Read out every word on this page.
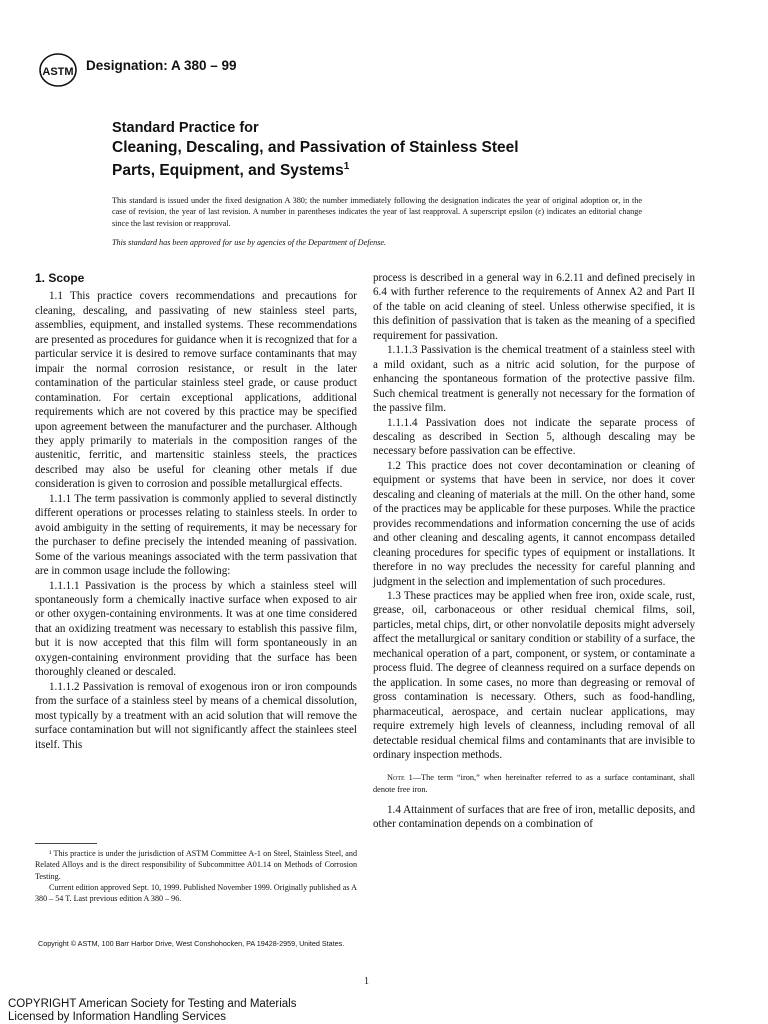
ASTM Designation: A 380 – 99
Standard Practice for
Cleaning, Descaling, and Passivation of Stainless Steel
Parts, Equipment, and Systems$^1$
This standard is issued under the fixed designation A 380; the number immediately following the designation indicates the year of original adoption or, in the case of revision, the year of last revision. A number in parentheses indicates the year of last reapproval. A superscript epsilon (ε) indicates an editorial change since the last revision or reapproval.
This standard has been approved for use by agencies of the Department of Defense.
1. Scope

1.1 This practice covers recommendations and precautions for cleaning, descaling, and passivating of new stainless steel parts, assemblies, equipment, and installed systems. These recommendations are presented as procedures for guidance when it is recognized that for a particular service it is desired to remove surface contaminants that may impair the normal corrosion resistance, or result in the later contamination of the particular stainless steel grade, or cause product contamination. For certain exceptional applications, additional requirements which are not covered by this practice may be specified upon agreement between the manufacturer and the purchaser. Although they apply primarily to materials in the composition ranges of the austenitic, ferritic, and martensitic stainless steels, the practices described may also be useful for cleaning other metals if due consideration is given to corrosion and possible metallurgical effects.

1.1.1 The term passivation is commonly applied to several distinctly different operations or processes relating to stainless steels. In order to avoid ambiguity in the setting of requirements, it may be necessary for the purchaser to define precisely the intended meaning of passivation. Some of the various meanings associated with the term passivation that are in common usage include the following:

1.1.1.1 Passivation is the process by which a stainless steel will spontaneously form a chemically inactive surface when exposed to air or other oxygen-containing environments. It was at one time considered that an oxidizing treatment was necessary to establish this passive film, but it is now accepted that this film will form spontaneously in an oxygen-containing environment providing that the surface has been thoroughly cleaned or descaled.

1.1.1.2 Passivation is removal of exogenous iron or iron compounds from the surface of a stainless steel by means of a chemical dissolution, most typically by a treatment with an acid solution that will remove the surface contamination but will not significantly affect the stainlees steel itself. This

¹ This practice is under the jurisdiction of ASTM Committee A-1 on Steel, Stainless Steel, and Related Alloys and is the direct responsibility of Subcommittee A01.14 on Methods of Corrosion Testing.

Current edition approved Sept. 10, 1999. Published November 1999. Originally published as A 380 – 54 T. Last previous edition A 380 – 96.

process is described in a general way in 6.2.11 and defined precisely in 6.4 with further reference to the requirements of Annex A2 and Part II of the table on acid cleaning of steel. Unless otherwise specified, it is this definition of passivation that is taken as the meaning of a specified requirement for passivation.

1.1.1.3 Passivation is the chemical treatment of a stainless steel with a mild oxidant, such as a nitric acid solution, for the purpose of enhancing the spontaneous formation of the protective passive film. Such chemical treatment is generally not necessary for the formation of the passive film.

1.1.1.4 Passivation does not indicate the separate process of descaling as described in Section 5, although descaling may be necessary before passivation can be effective.

1.2 This practice does not cover decontamination or cleaning of equipment or systems that have been in service, nor does it cover descaling and cleaning of materials at the mill. On the other hand, some of the practices may be applicable for these purposes. While the practice provides recommendations and information concerning the use of acids and other cleaning and descaling agents, it cannot encompass detailed cleaning procedures for specific types of equipment or installations. It therefore in no way precludes the necessity for careful planning and judgment in the selection and implementation of such procedures.

1.3 These practices may be applied when free iron, oxide scale, rust, grease, oil, carbonaceous or other residual chemical films, soil, particles, metal chips, dirt, or other nonvolatile deposits might adversely affect the metallurgical or sanitary condition or stability of a surface, the mechanical operation of a part, component, or system, or contaminate a process fluid. The degree of cleanness required on a surface depends on the application. In some cases, no more than degreasing or removal of gross contamination is necessary. Others, such as food-handling, pharmaceutical, aerospace, and certain nuclear applications, may require extremely high levels of cleanness, including removal of all detectable residual chemical films and contaminants that are invisible to ordinary inspection methods.

Note 1—The term “iron,” when hereinafter referred to as a surface contaminant, shall denote free iron.

1.4 Attainment of surfaces that are free of iron, metallic deposits, and other contamination depends on a combination of

Copyright © ASTM, 100 Barr Harbor Drive, West Conshohocken, PA 19428-2959, United States.
1
COPYRIGHT American Society for Testing and Materials
Licensed by Information Handling Services
